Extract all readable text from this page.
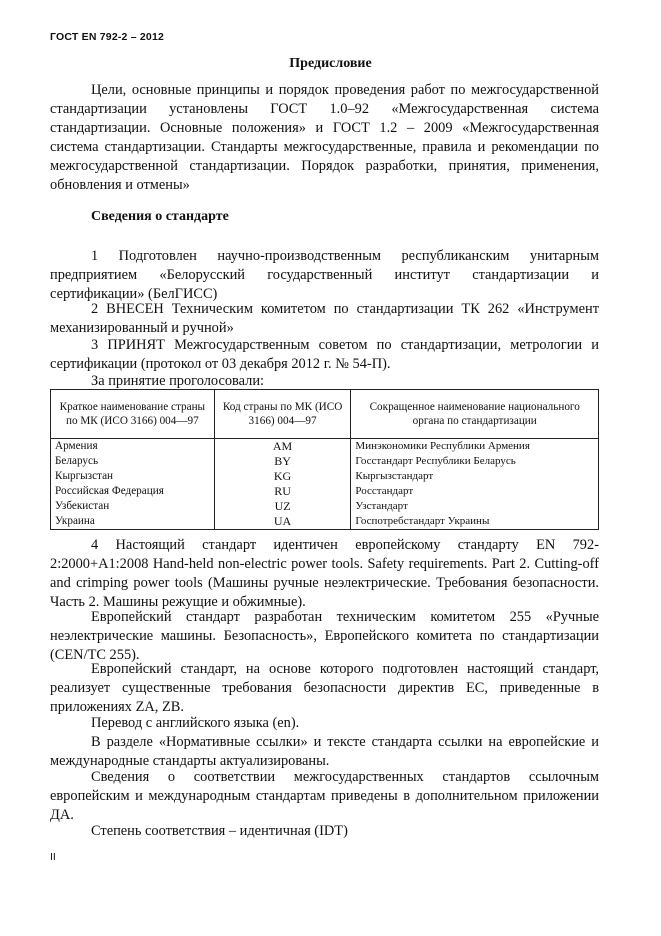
ГОСТ EN 792-2 – 2012
Предисловие

Цели, основные принципы и порядок проведения работ по межгосударственной стандартизации установлены ГОСТ 1.0–92 «Межгосударственная система стандартизации. Основные положения» и ГОСТ 1.2 – 2009 «Межгосударственная система стандартизации. Стандарты межгосударственные, правила и рекомендации по межгосударственной стандартизации. Порядок разработки, принятия, применения, обновления и отмены»

Сведения о стандарте

1 Подготовлен научно-производственным республиканским унитарным предприятием «Белорусский государственный институт стандартизации и сертификации» (БелГИСС)

2 ВНЕСЕН Техническим комитетом по стандартизации ТК 262 «Инструмент механизированный и ручной»

3 ПРИНЯТ Межгосударственным советом по стандартизации, метрологии и сертификации (протокол от 03 декабря 2012 г. № 54-П).

За принятие проголосовали:
Краткое наименование страны по МК (ИСО 3166) 004—97	Код страны по МК (ИСО 3166) 004—97	Сокращенное наименование национального органа по стандартизации
Армения	AM	Минэкономики Республики Армения
Беларусь	BY	Госстандарт Республики Беларусь
Кыргызстан	KG	Кыргызстандарт
Российская Федерация	RU	Росстандарт
Узбекистан	UZ	Узстандарт
Украина	UA	Госпотребстандарт Украины

4 Настоящий стандарт идентичен европейскому стандарту EN 792-2:2000+A1:2008 Hand-held non-electric power tools. Safety requirements. Part 2. Cutting-off and crimping power tools (Машины ручные неэлектрические. Требования безопасности. Часть 2. Машины режущие и обжимные).

Европейский стандарт разработан техническим комитетом 255 «Ручные неэлектрические машины. Безопасность», Европейского комитета по стандартизации (CEN/TC 255).

Европейский стандарт, на основе которого подготовлен настоящий стандарт, реализует существенные требования безопасности директив ЕС, приведенные в приложениях ZA, ZB.

Перевод с английского языка (en).

В разделе «Нормативные ссылки» и тексте стандарта ссылки на европейские и международные стандарты актуализированы.

Сведения о соответствии межгосударственных стандартов ссылочным европейским и международным стандартам приведены в дополнительном приложении ДА.

Степень соответствия – идентичная (IDT)

II
